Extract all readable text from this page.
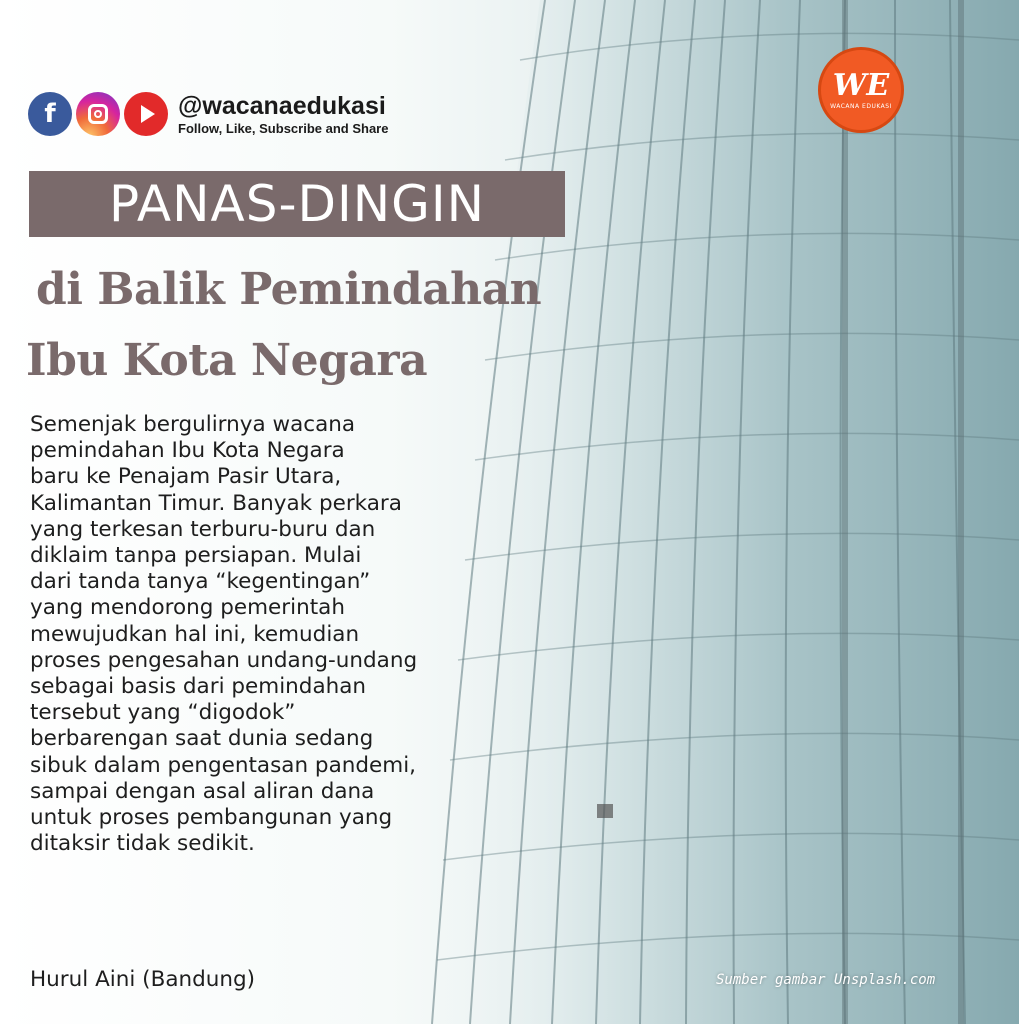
WE
WACANA EDUKASI
f	@wacanaedukasi
Follow, Like, Subscribe and Share
PANAS-DINGIN
di Balik Pemindahan
Ibu Kota Negara
Semenjak bergulirnya wacana
pemindahan Ibu Kota Negara
baru ke Penajam Pasir Utara,
Kalimantan Timur. Banyak perkara
yang terkesan terburu-buru dan
diklaim tanpa persiapan. Mulai
dari tanda tanya “kegentingan”
yang mendorong pemerintah
mewujudkan hal ini, kemudian
proses pengesahan undang-undang
sebagai basis dari pemindahan
tersebut yang “digodok”
berbarengan saat dunia sedang
sibuk dalam pengentasan pandemi,
sampai dengan asal aliran dana
untuk proses pembangunan yang
ditaksir tidak sedikit.
Hurul Aini (Bandung)	Sumber gambar Unsplash.com
